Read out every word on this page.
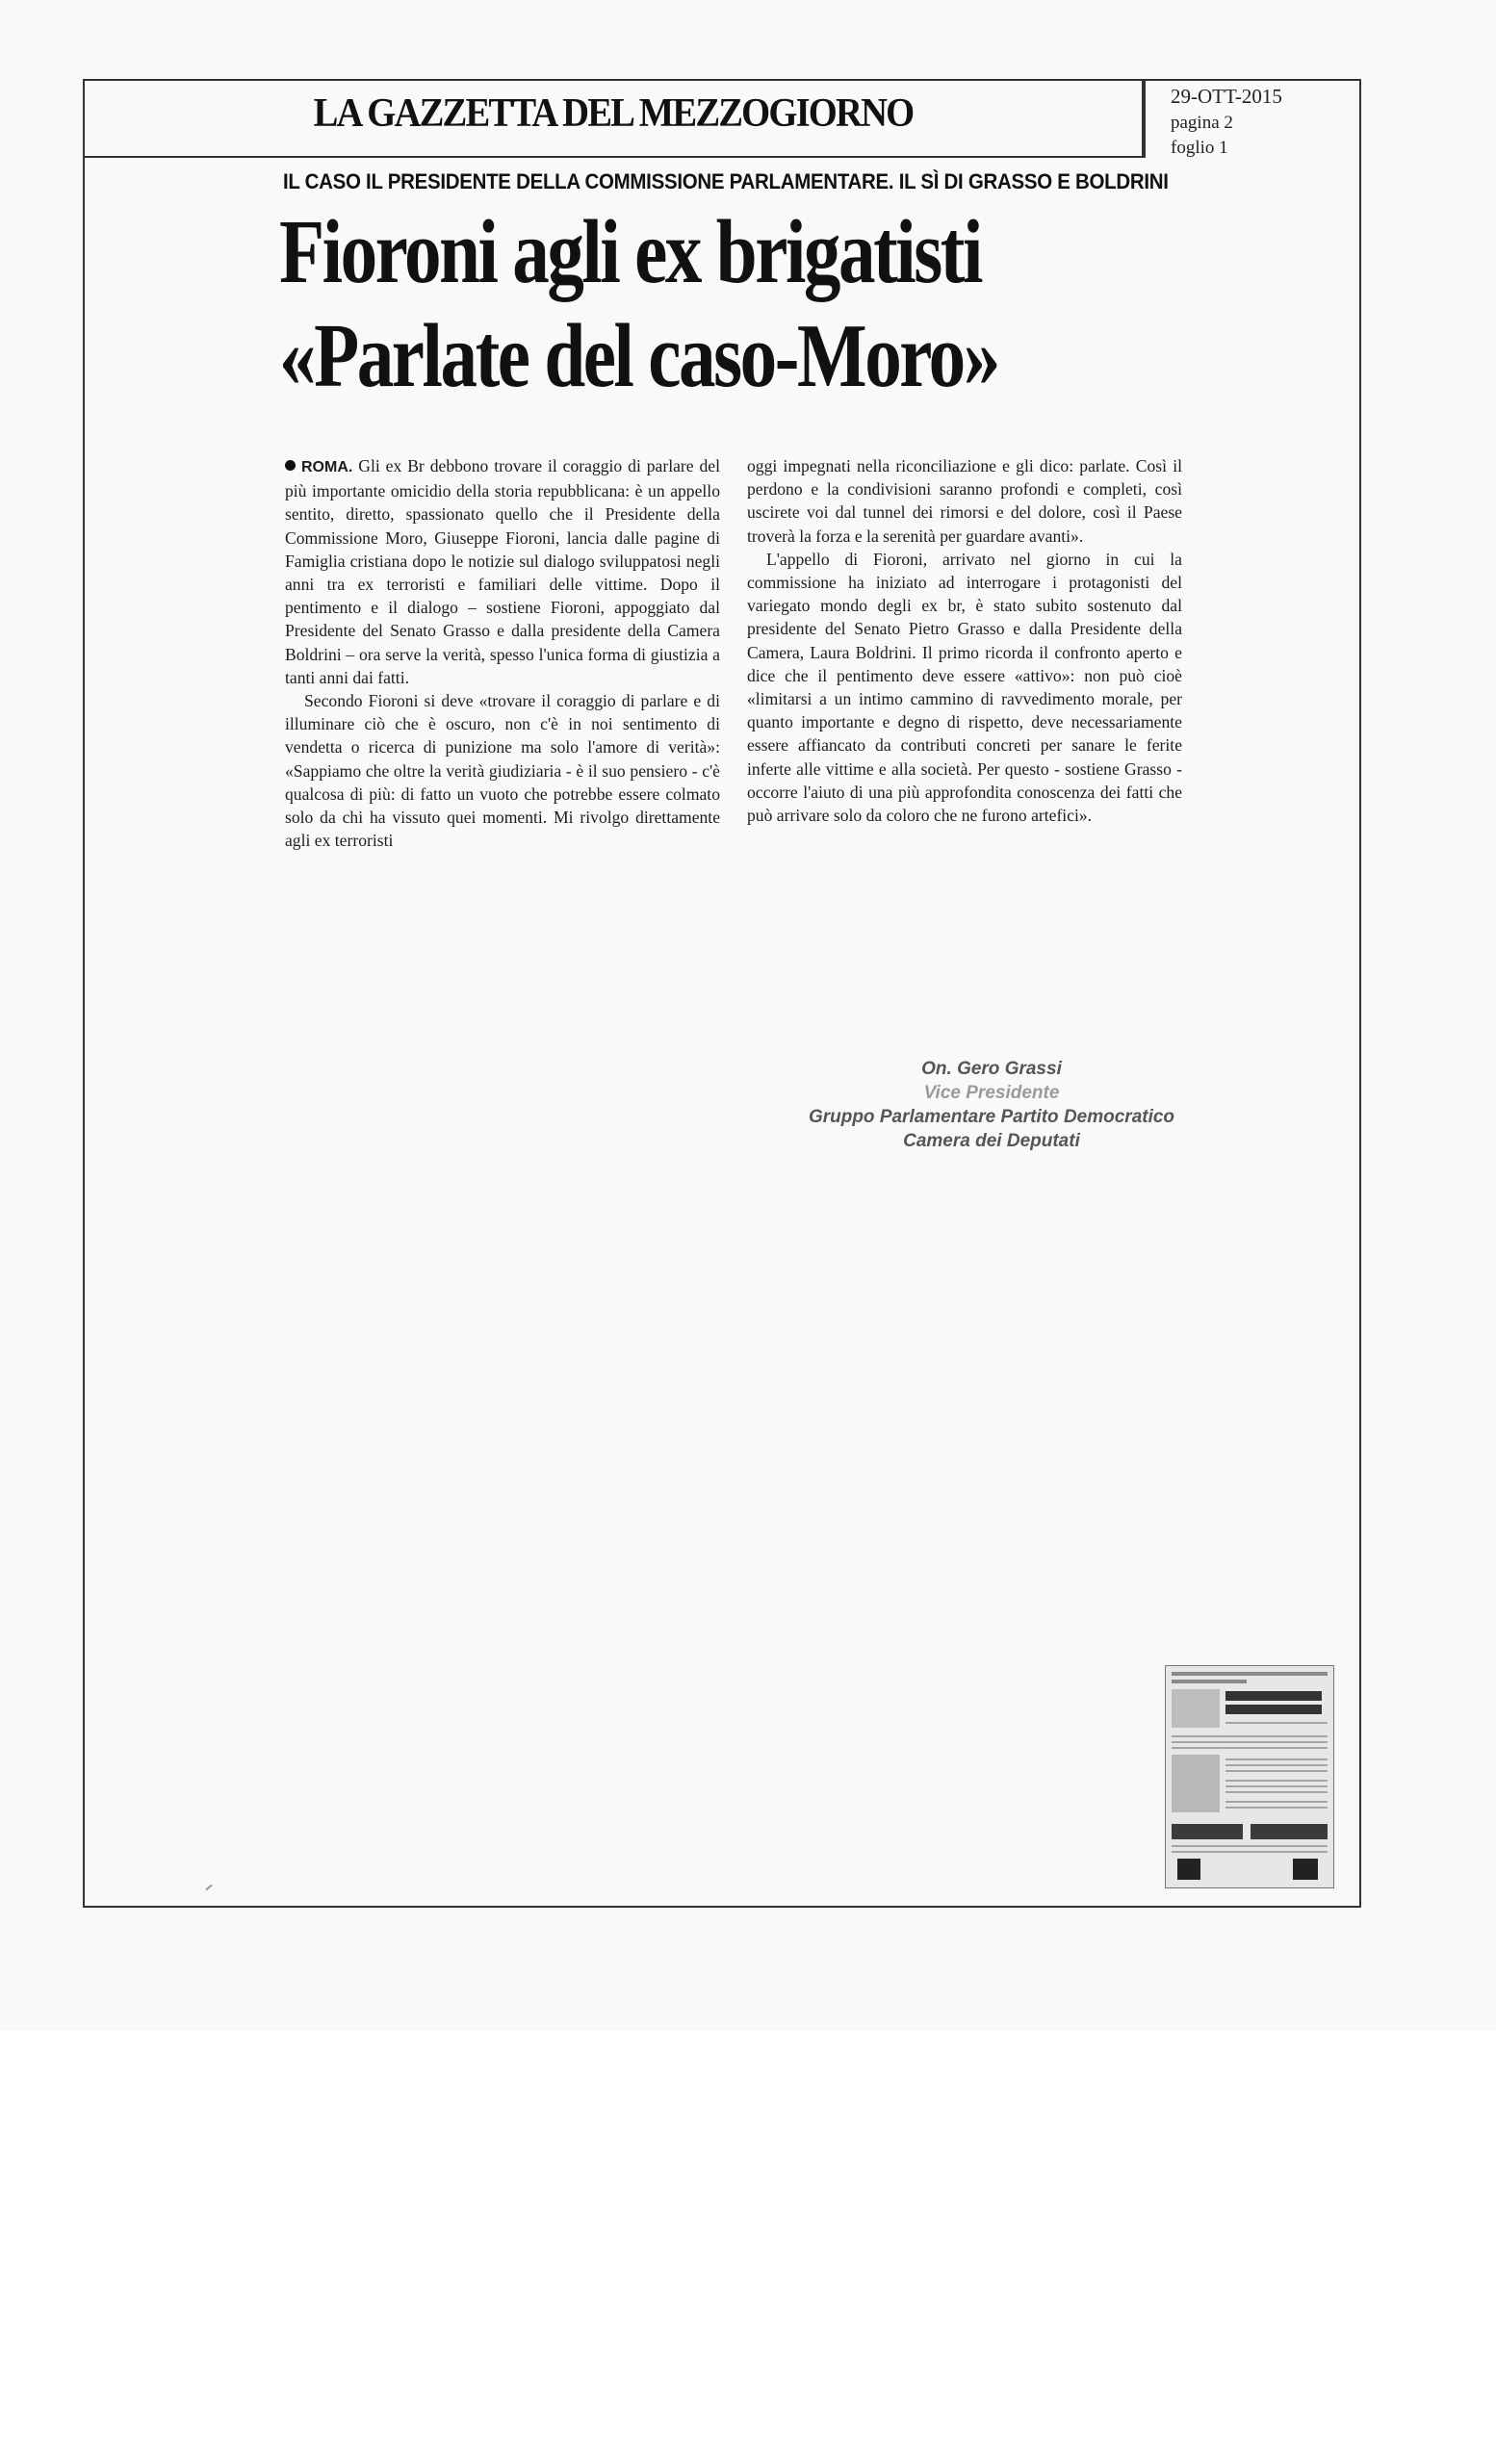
LA GAZZETTA DEL MEZZOGIORNO	29-OTT-2015
pagina 2
foglio 1
IL CASO IL PRESIDENTE DELLA COMMISSIONE PARLAMENTARE. IL SÌ DI GRASSO E BOLDRINI
Fioroni agli ex brigatisti
«Parlate del caso-Moro»

ROMA. Gli ex Br debbono trovare il coraggio di parlare del più importante omicidio della storia repubblicana: è un appello sentito, diretto, spassionato quello che il Presidente della Commissione Moro, Giuseppe Fioroni, lancia dalle pagine di Famiglia cristiana dopo le notizie sul dialogo sviluppatosi negli anni tra ex terroristi e familiari delle vittime. Dopo il pentimento e il dialogo – sostiene Fioroni, appoggiato dal Presidente del Senato Grasso e dalla presidente della Camera Boldrini – ora serve la verità, spesso l'unica forma di giustizia a tanti anni dai fatti.

Secondo Fioroni si deve «trovare il coraggio di parlare e di illuminare ciò che è oscuro, non c'è in noi sentimento di vendetta o ricerca di punizione ma solo l'amore di verità»: «Sappiamo che oltre la verità giudiziaria - è il suo pensiero - c'è qualcosa di più: di fatto un vuoto che potrebbe essere colmato solo da chi ha vissuto quei momenti. Mi rivolgo direttamente agli ex terroristi

oggi impegnati nella riconciliazione e gli dico: parlate. Così il perdono e la condivisioni saranno profondi e completi, così uscirete voi dal tunnel dei rimorsi e del dolore, così il Paese troverà la forza e la serenità per guardare avanti».

L'appello di Fioroni, arrivato nel giorno in cui la commissione ha iniziato ad interrogare i protagonisti del variegato mondo degli ex br, è stato subito sostenuto dal presidente del Senato Pietro Grasso e dalla Presidente della Camera, Laura Boldrini. Il primo ricorda il confronto aperto e dice che il pentimento deve essere «attivo»: non può cioè «limitarsi a un intimo cammino di ravvedimento morale, per quanto importante e degno di rispetto, deve necessariamente essere affiancato da contributi concreti per sanare le ferite inferte alle vittime e alla società. Per questo - sostiene Grasso - occorre l'aiuto di una più approfondita conoscenza dei fatti che può arrivare solo da coloro che ne furono artefici».

On. Gero Grassi
Vice Presidente
Gruppo Parlamentare Partito Democratico
Camera dei Deputati
